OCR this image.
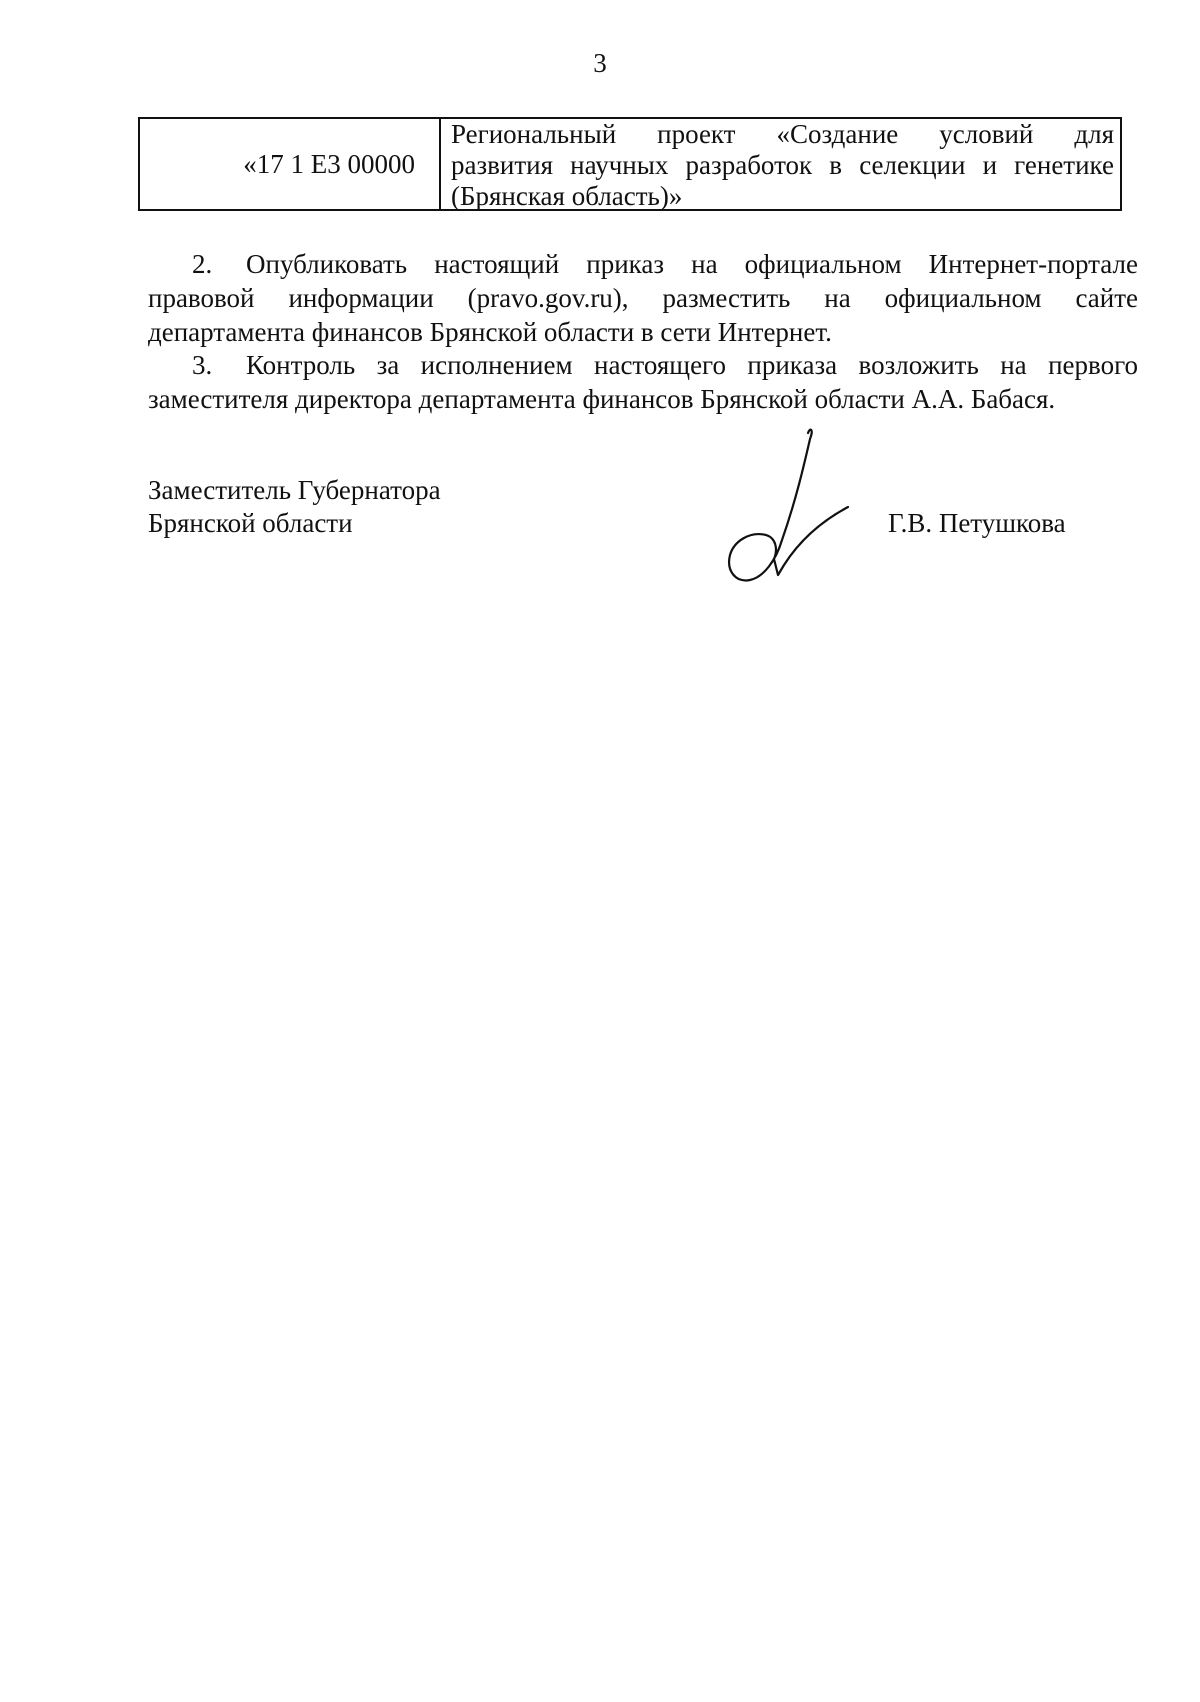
3
«17 1 E3 00000
Региональный проект «Создание условий для
развития научных разработок в селекции и генетике
(Брянская область)»
2. Опубликовать настоящий приказ на официальном Интернет-портале
правовой информации (pravo.gov.ru), разместить на официальном сайте
департамента финансов Брянской области в сети Интернет.
3. Контроль за исполнением настоящего приказа возложить на первого
заместителя директора департамента финансов Брянской области А.А. Бабася.
Заместитель Губернатора
Брянской области	Г.В. Петушкова
